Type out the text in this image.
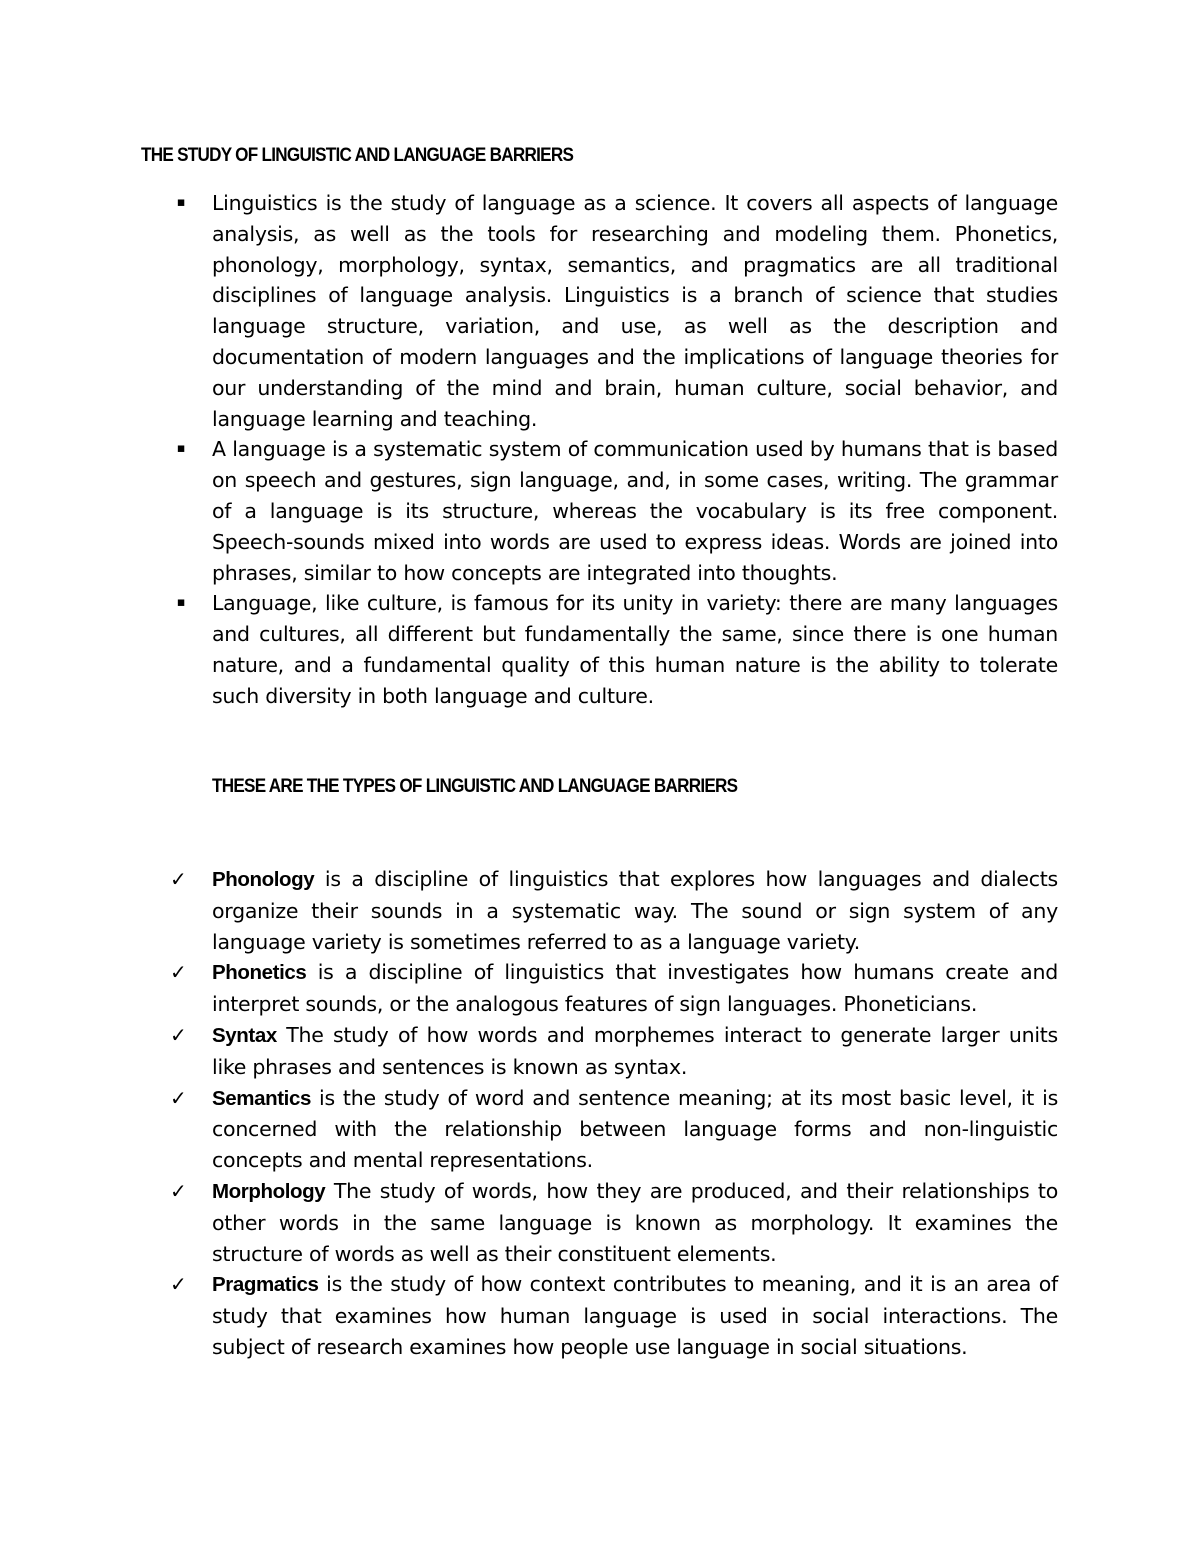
THE STUDY OF LINGUISTIC AND LANGUAGE BARRIERS
▪ Linguistics is the study of language as a science. It covers all aspects of language analysis, as well as the tools for researching and modeling them. Phonetics, phonology, morphology, syntax, semantics, and pragmatics are all traditional disciplines of language analysis. Linguistics is a branch of science that studies language structure, variation, and use, as well as the description and documentation of modern languages and the implications of language theories for our understanding of the mind and brain, human culture, social behavior, and language learning and teaching.
▪ A language is a systematic system of communication used by humans that is based on speech and gestures, sign language, and, in some cases, writing. The grammar of a language is its structure, whereas the vocabulary is its free component. Speech-sounds mixed into words are used to express ideas. Words are joined into phrases, similar to how concepts are integrated into thoughts.
▪ Language, like culture, is famous for its unity in variety: there are many languages and cultures, all different but fundamentally the same, since there is one human nature, and a fundamental quality of this human nature is the ability to tolerate such diversity in both language and culture.
THESE ARE THE TYPES OF LINGUISTIC AND LANGUAGE BARRIERS
✓	Phonology is a discipline of linguistics that explores how languages and dialects organize their sounds in a systematic way. The sound or sign system of any language variety is sometimes referred to as a language variety.
✓	Phonetics is a discipline of linguistics that investigates how humans create and interpret sounds, or the analogous features of sign languages. Phoneticians.
✓	Syntax The study of how words and morphemes interact to generate larger units like phrases and sentences is known as syntax.
✓	Semantics is the study of word and sentence meaning; at its most basic level, it is concerned with the relationship between language forms and non-linguistic concepts and mental representations.
✓	Morphology The study of words, how they are produced, and their relationships to other words in the same language is known as morphology. It examines the structure of words as well as their constituent elements.
✓	Pragmatics is the study of how context contributes to meaning, and it is an area of study that examines how human language is used in social interactions. The subject of research examines how people use language in social situations.
